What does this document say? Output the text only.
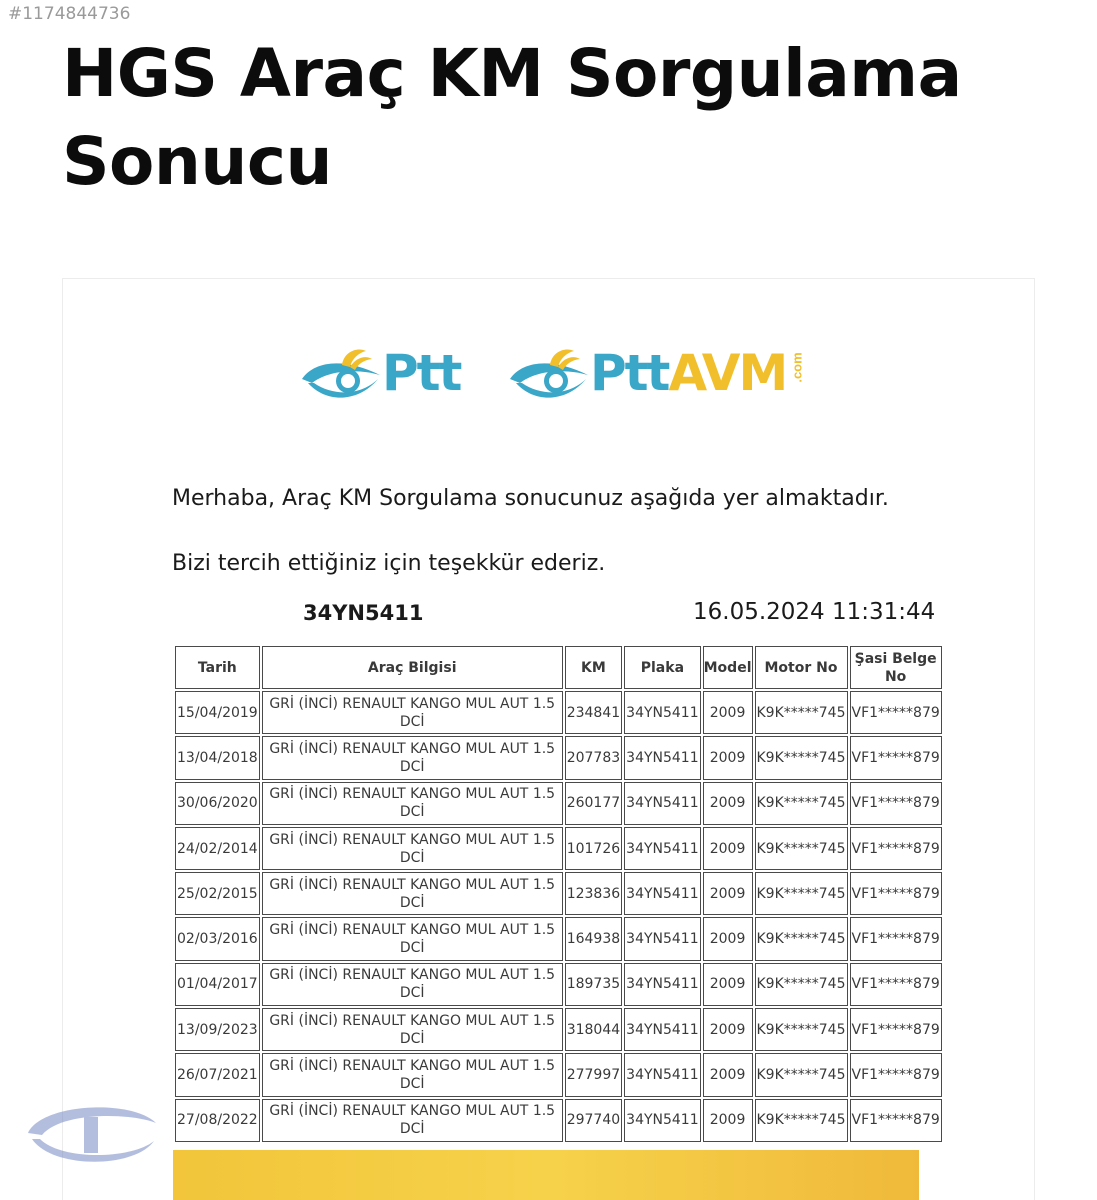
#1174844736
HGS Araç KM Sorgulama Sonucu
Ptt	Ptt AVM .com

Merhaba, Araç KM Sorgulama sonucunuz aşağıda yer almaktadır.

Bizi tercih ettiğiniz için teşekkür ederiz.

34YN5411	16.05.2024 11:31:44
Tarih	Araç Bilgisi	KM	Plaka	Model	Motor No	Şasi Belge No
15/04/2019	GRİ (İNCİ) RENAULT KANGO MUL AUT 1.5 DCİ	234841	34YN5411	2009	K9K*****745	VF1*****879
13/04/2018	GRİ (İNCİ) RENAULT KANGO MUL AUT 1.5 DCİ	207783	34YN5411	2009	K9K*****745	VF1*****879
30/06/2020	GRİ (İNCİ) RENAULT KANGO MUL AUT 1.5 DCİ	260177	34YN5411	2009	K9K*****745	VF1*****879
24/02/2014	GRİ (İNCİ) RENAULT KANGO MUL AUT 1.5 DCİ	101726	34YN5411	2009	K9K*****745	VF1*****879
25/02/2015	GRİ (İNCİ) RENAULT KANGO MUL AUT 1.5 DCİ	123836	34YN5411	2009	K9K*****745	VF1*****879
02/03/2016	GRİ (İNCİ) RENAULT KANGO MUL AUT 1.5 DCİ	164938	34YN5411	2009	K9K*****745	VF1*****879
01/04/2017	GRİ (İNCİ) RENAULT KANGO MUL AUT 1.5 DCİ	189735	34YN5411	2009	K9K*****745	VF1*****879
13/09/2023	GRİ (İNCİ) RENAULT KANGO MUL AUT 1.5 DCİ	318044	34YN5411	2009	K9K*****745	VF1*****879
26/07/2021	GRİ (İNCİ) RENAULT KANGO MUL AUT 1.5 DCİ	277997	34YN5411	2009	K9K*****745	VF1*****879
27/08/2022	GRİ (İNCİ) RENAULT KANGO MUL AUT 1.5 DCİ	297740	34YN5411	2009	K9K*****745	VF1*****879
